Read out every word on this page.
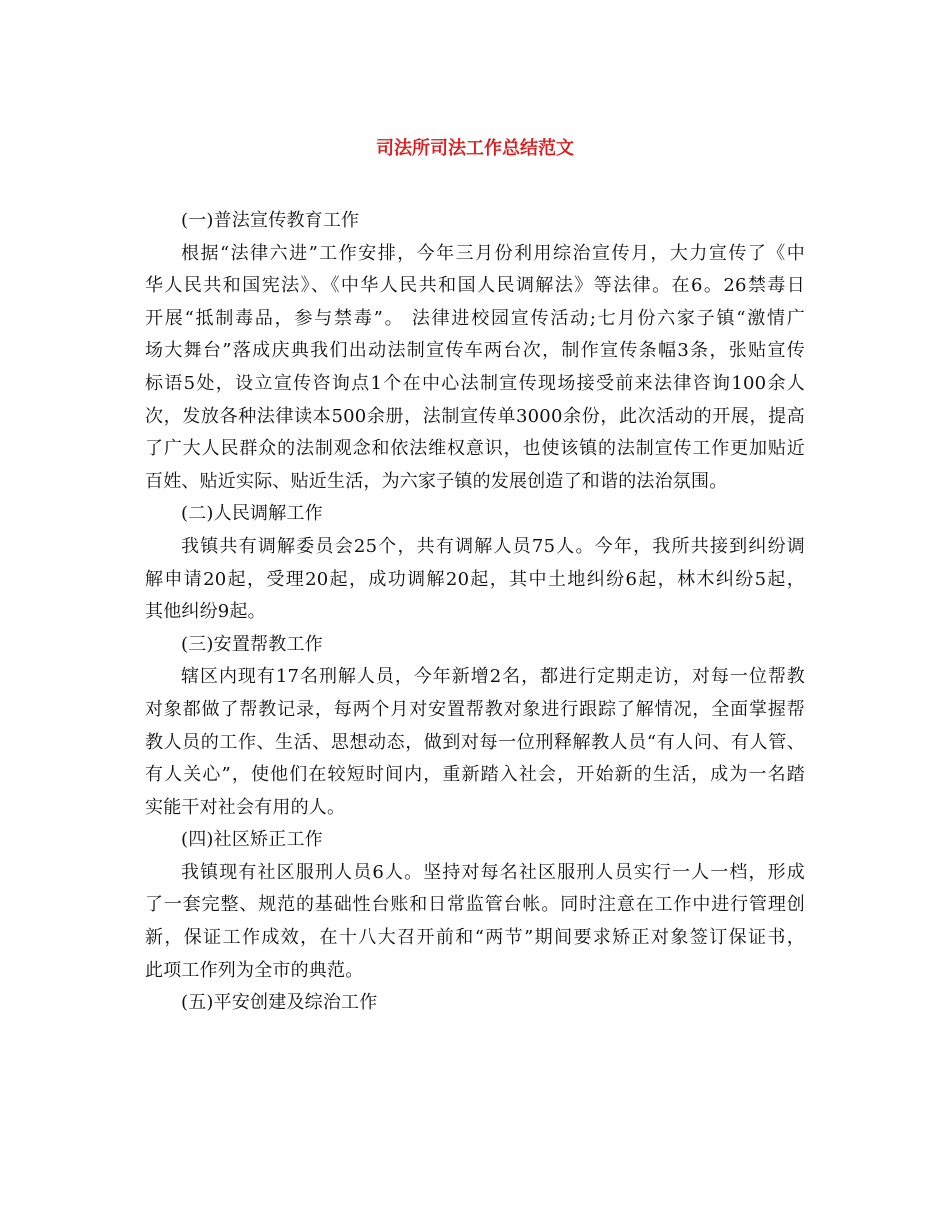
司法所司法工作总结范文
(一)普法宣传教育工作
根据“法律六进”工作安排，今年三月份利用综治宣传月，大力宣传了《中
华人民共和国宪法》、《中华人民共和国人民调解法》等法律。在6。26禁毒日
开展“抵制毒品，参与禁毒”。 法律进校园宣传活动;七月份六家子镇“激情广
场大舞台”落成庆典我们出动法制宣传车两台次，制作宣传条幅3条，张贴宣传
标语5处，设立宣传咨询点1个在中心法制宣传现场接受前来法律咨询100余人
次，发放各种法律读本500余册，法制宣传单3000余份，此次活动的开展，提高
了广大人民群众的法制观念和依法维权意识，也使该镇的法制宣传工作更加贴近
百姓、贴近实际、贴近生活，为六家子镇的发展创造了和谐的法治氛围。
(二)人民调解工作
我镇共有调解委员会25个，共有调解人员75人。今年，我所共接到纠纷调
解申请20起，受理20起，成功调解20起，其中土地纠纷6起，林木纠纷5起，
其他纠纷9起。
(三)安置帮教工作
辖区内现有17名刑解人员，今年新增2名，都进行定期走访，对每一位帮教
对象都做了帮教记录，每两个月对安置帮教对象进行跟踪了解情况，全面掌握帮
教人员的工作、生活、思想动态，做到对每一位刑释解教人员“有人问、有人管、
有人关心”，使他们在较短时间内，重新踏入社会，开始新的生活，成为一名踏
实能干对社会有用的人。
(四)社区矫正工作
我镇现有社区服刑人员6人。坚持对每名社区服刑人员实行一人一档，形成
了一套完整、规范的基础性台账和日常监管台帐。同时注意在工作中进行管理创
新，保证工作成效，在十八大召开前和“两节”期间要求矫正对象签订保证书，
此项工作列为全市的典范。
(五)平安创建及综治工作
